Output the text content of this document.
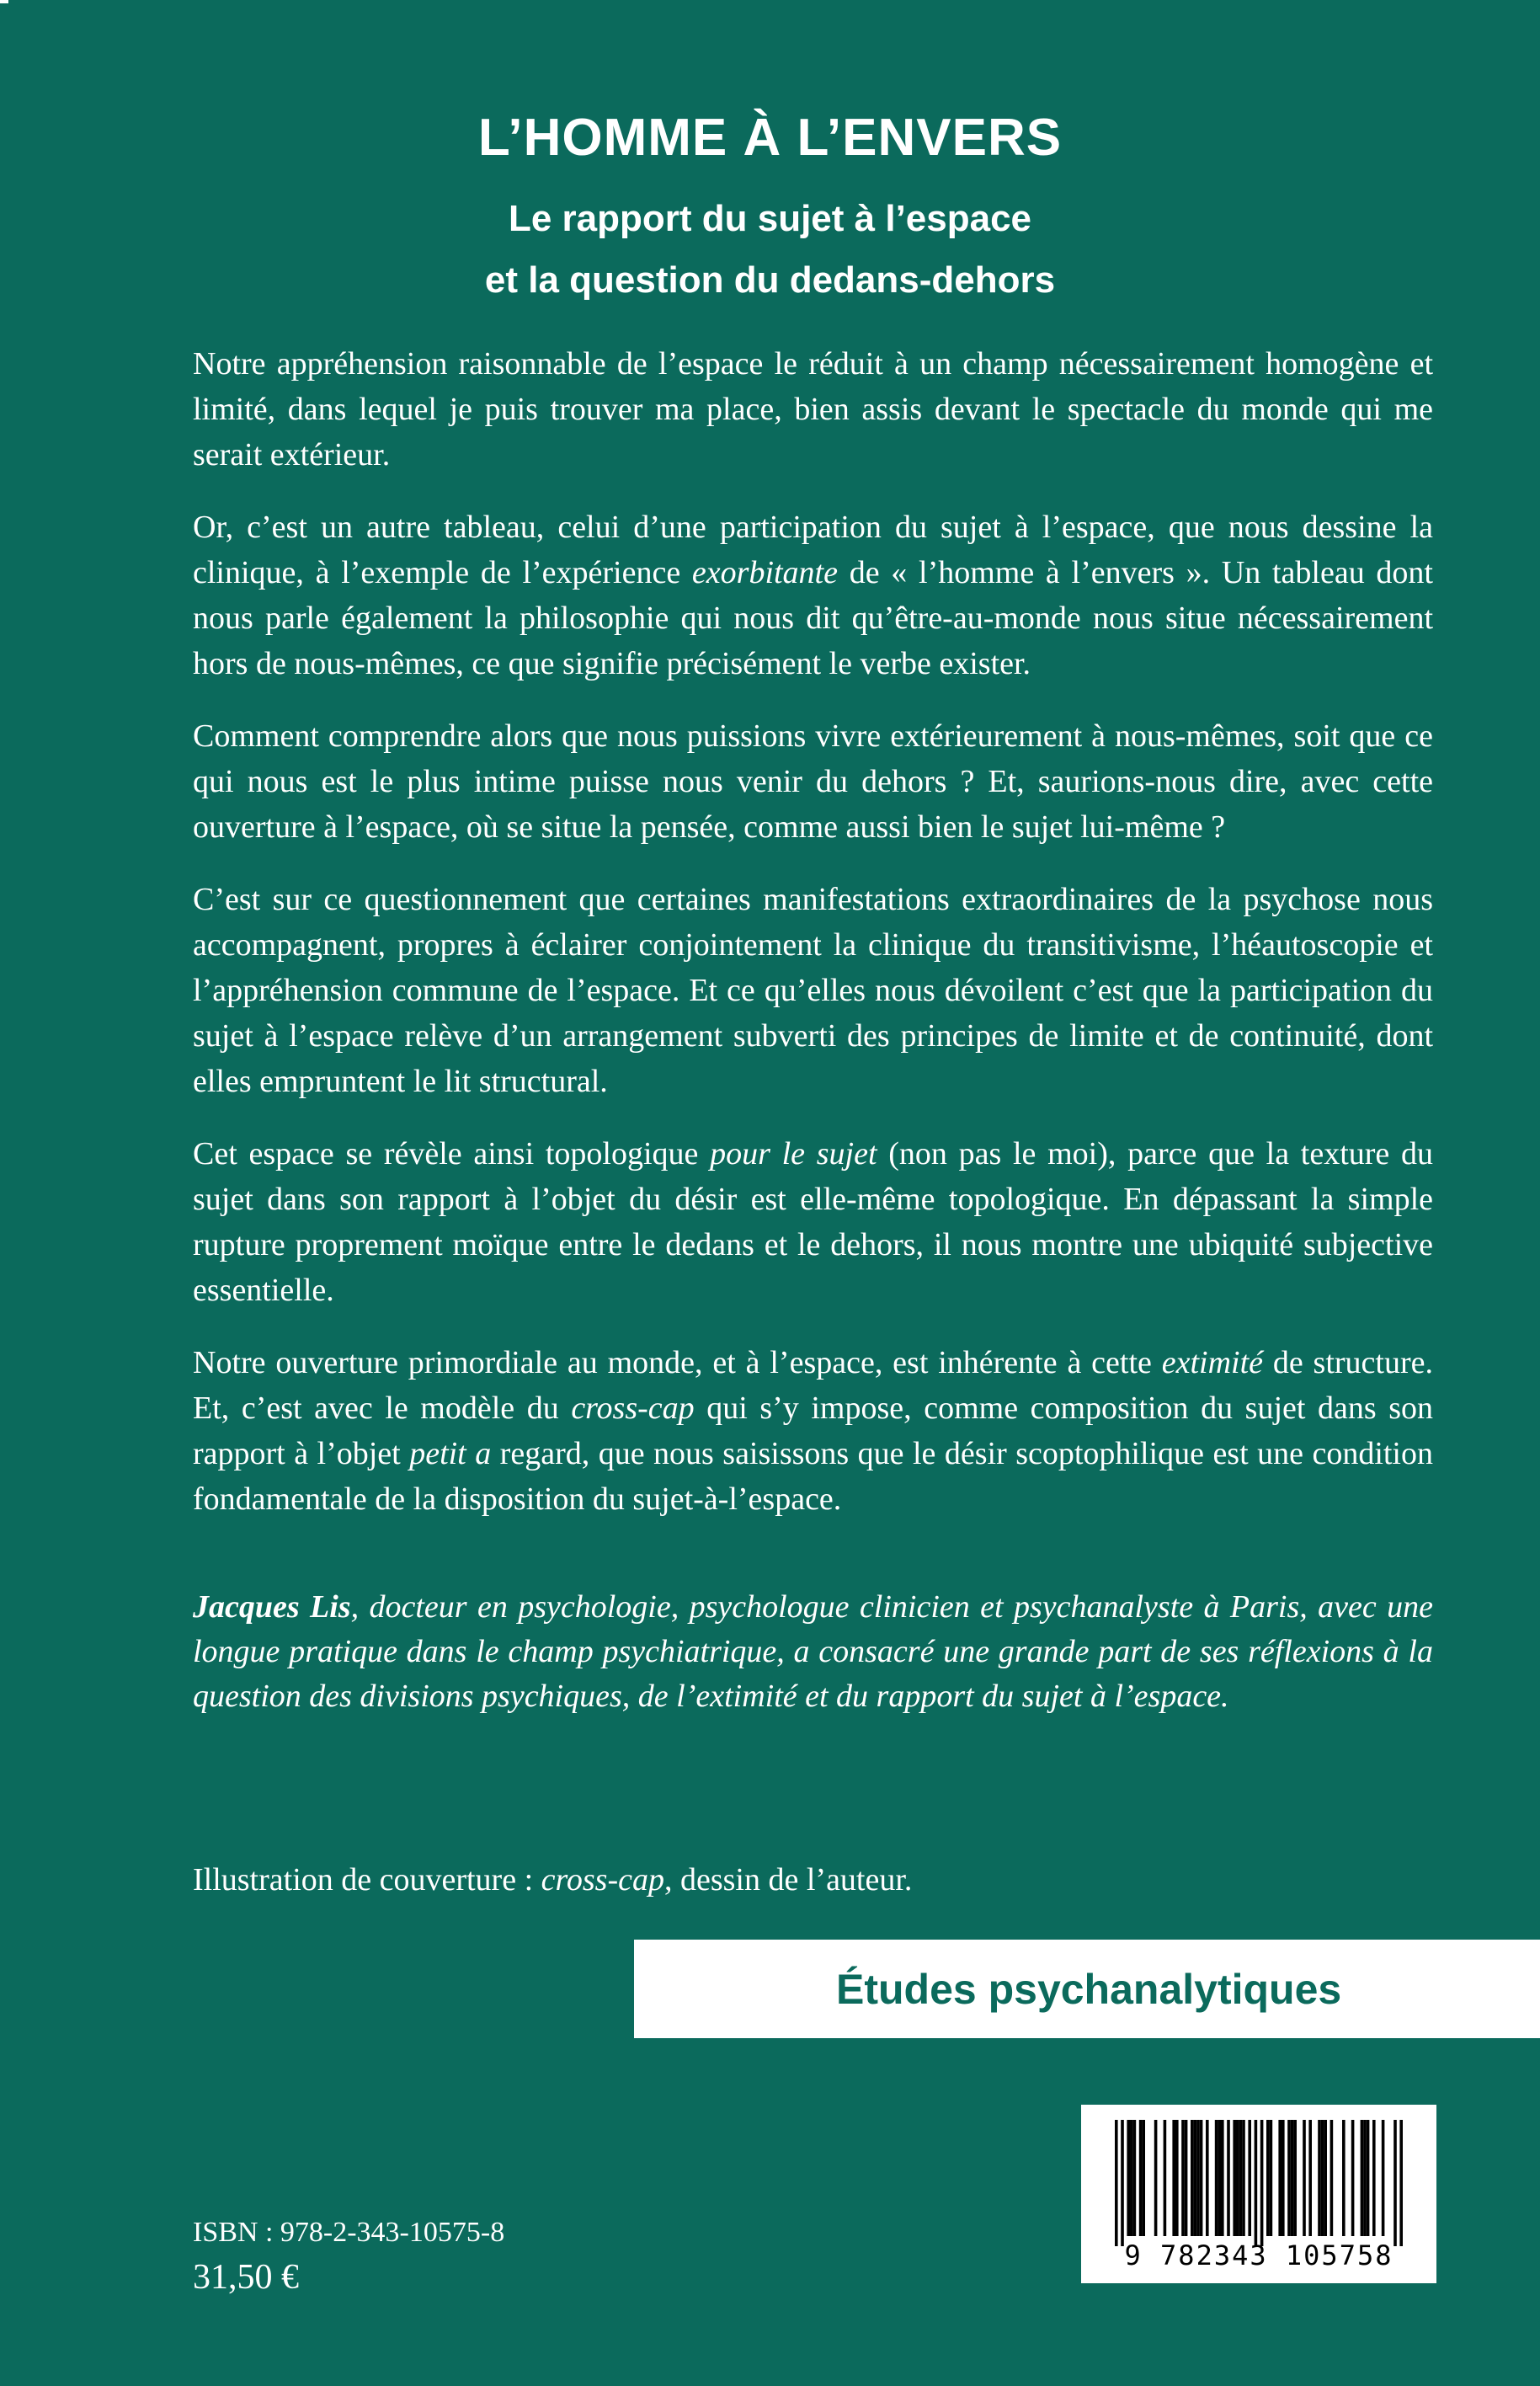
L’HOMME À L’ENVERS
Le rapport du sujet à l’espace
et la question du dedans-dehors

Notre appréhension raisonnable de l’espace le réduit à un champ nécessairement homogène et limité, dans lequel je puis trouver ma place, bien assis devant le spectacle du monde qui me serait extérieur.

Or, c’est un autre tableau, celui d’une participation du sujet à l’espace, que nous dessine la clinique, à l’exemple de l’expérience exorbitante de « l’homme à l’envers ». Un tableau dont nous parle également la philosophie qui nous dit qu’être-au-monde nous situe nécessairement hors de nous-mêmes, ce que signifie précisément le verbe exister.

Comment comprendre alors que nous puissions vivre extérieurement à nous-mêmes, soit que ce qui nous est le plus intime puisse nous venir du dehors ? Et, saurions-nous dire, avec cette ouverture à l’espace, où se situe la pensée, comme aussi bien le sujet lui-même ?

C’est sur ce questionnement que certaines manifestations extraordinaires de la psychose nous accompagnent, propres à éclairer conjointement la clinique du transitivisme, l’héautoscopie et l’appréhension commune de l’espace. Et ce qu’elles nous dévoilent c’est que la participation du sujet à l’espace relève d’un arrangement subverti des principes de limite et de continuité, dont elles empruntent le lit structural.

Cet espace se révèle ainsi topologique pour le sujet (non pas le moi), parce que la texture du sujet dans son rapport à l’objet du désir est elle-même topologique. En dépassant la simple rupture proprement moïque entre le dedans et le dehors, il nous montre une ubiquité subjective essentielle.

Notre ouverture primordiale au monde, et à l’espace, est inhérente à cette extimité de structure. Et, c’est avec le modèle du cross-cap qui s’y impose, comme composition du sujet dans son rapport à l’objet petit a regard, que nous saisissons que le désir scoptophilique est une condition fondamentale de la disposition du sujet-à-l’espace.

Jacques Lis, docteur en psychologie, psychologue clinicien et psychanalyste à Paris, avec une longue pratique dans le champ psychiatrique, a consacré une grande part de ses réflexions à la question des divisions psychiques, de l’extimité et du rapport du sujet à l’espace.

Illustration de couverture : cross-cap, dessin de l’auteur.

Études psychanalytiques

9 782343 105758

ISBN : 978-2-343-10575-8

31,50 €
